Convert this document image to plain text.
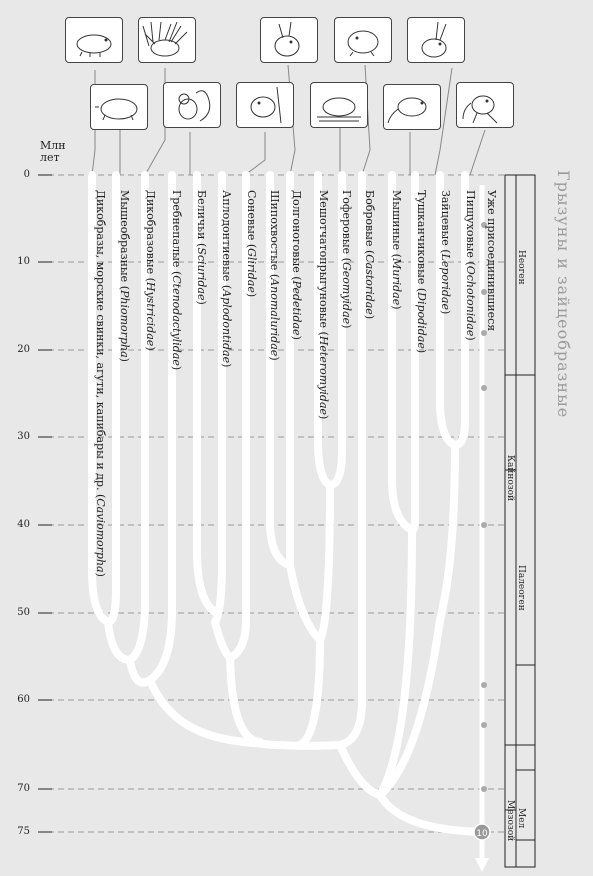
10
Млн
лет
0
10
20
30
40
50
60
70
75
Дикобразы, морские свинки, агути, капибары и др. (Caviomorpha)
Мышеобразные (Phiomorpha)
Дикобразовые (Hystricidae)
Гребнепалые (Ctenodactylidae)
Беличьи (Sciuridae)
Аплодонтиевые (Aplodontidae)
Соневые (Gliridae)
Шипохвостые (Anomaluridae)
Долгоноговые (Pedetidae)
Мешотчатопрыгуновые (Heteromyidae)
Гоферовые (Geomyidae)
Бобровые (Castoridae)
Мышиные (Muridae)
Тушканчиковые (Dipodidae)
Зайцевые (Leporidae)
Пищуховые (Ochotonidae)
Уже присоединившиеся Неоген
Кайнозой
Палеоген
Мел
Мезозой
Грызуны и зайцеобразные
